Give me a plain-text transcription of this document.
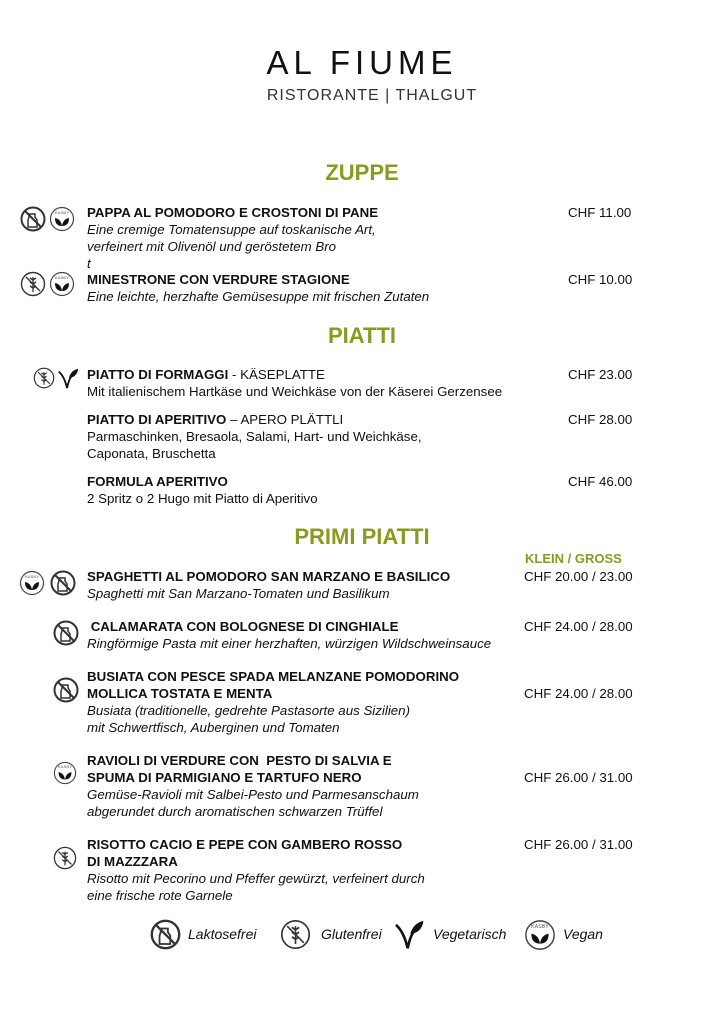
AL FIUME
RISTORANTE | THALGUT
ZUPPE
KASBY	PAPPA AL POMODORO E CROSTONI DI PANE
Eine cremige Tomatensuppe auf toskanische Art,
verfeinert mit Olivenöl und geröstetem Bro
t
CHF 11.00
KASBY	MINESTRONE CON VERDURE STAGIONE
Eine leichte, herzhafte Gemüsesuppe mit frischen Zutaten
CHF 10.00
PIATTI
PIATTO DI FORMAGGI - KÄSEPLATTE
Mit italienischem Hartkäse und Weichkäse von der Käserei Gerzensee
CHF 23.00
PIATTO DI APERITIVO – APERO PLÄTTLI
Parmaschinken, Bresaola, Salami, Hart- und Weichkäse,
Caponata, Bruschetta
CHF 28.00
FORMULA APERITIVO
2 Spritz o 2 Hugo mit Piatto di Aperitivo
CHF 46.00
PRIMI PIATTI
KLEIN / GROSS
KASBY	SPAGHETTI AL POMODORO SAN MARZANO E BASILICO
Spaghetti mit San Marzano-Tomaten und Basilikum
CHF 20.00 / 23.00
CALAMARATA CON BOLOGNESE DI CINGHIALE
Ringförmige Pasta mit einer herzhaften, würzigen Wildschweinsauce
CHF 24.00 / 28.00
BUSIATA CON PESCE SPADA MELANZANE POMODORINO
MOLLICA TOSTATA E MENTA
Busiata (traditionelle, gedrehte Pastasorte aus Sizilien)
mit Schwertfisch, Auberginen und Tomaten
CHF 24.00 / 28.00
KASBY	RAVIOLI DI VERDURE CON  PESTO DI SALVIA E
SPUMA DI PARMIGIANO E TARTUFO NERO
Gemüse-Ravioli mit Salbei-Pesto und Parmesanschaum
abgerundet durch aromatischen schwarzen Trüffel
CHF 26.00 / 31.00
RISOTTO CACIO E PEPE CON GAMBERO ROSSO
DI MAZZZARA
Risotto mit Pecorino und Pfeffer gewürzt, verfeinert durch
eine frische rote Garnele
CHF 26.00 / 31.00
Laktosefrei	Glutenfrei	Vegetarisch	KASBY	Vegan
